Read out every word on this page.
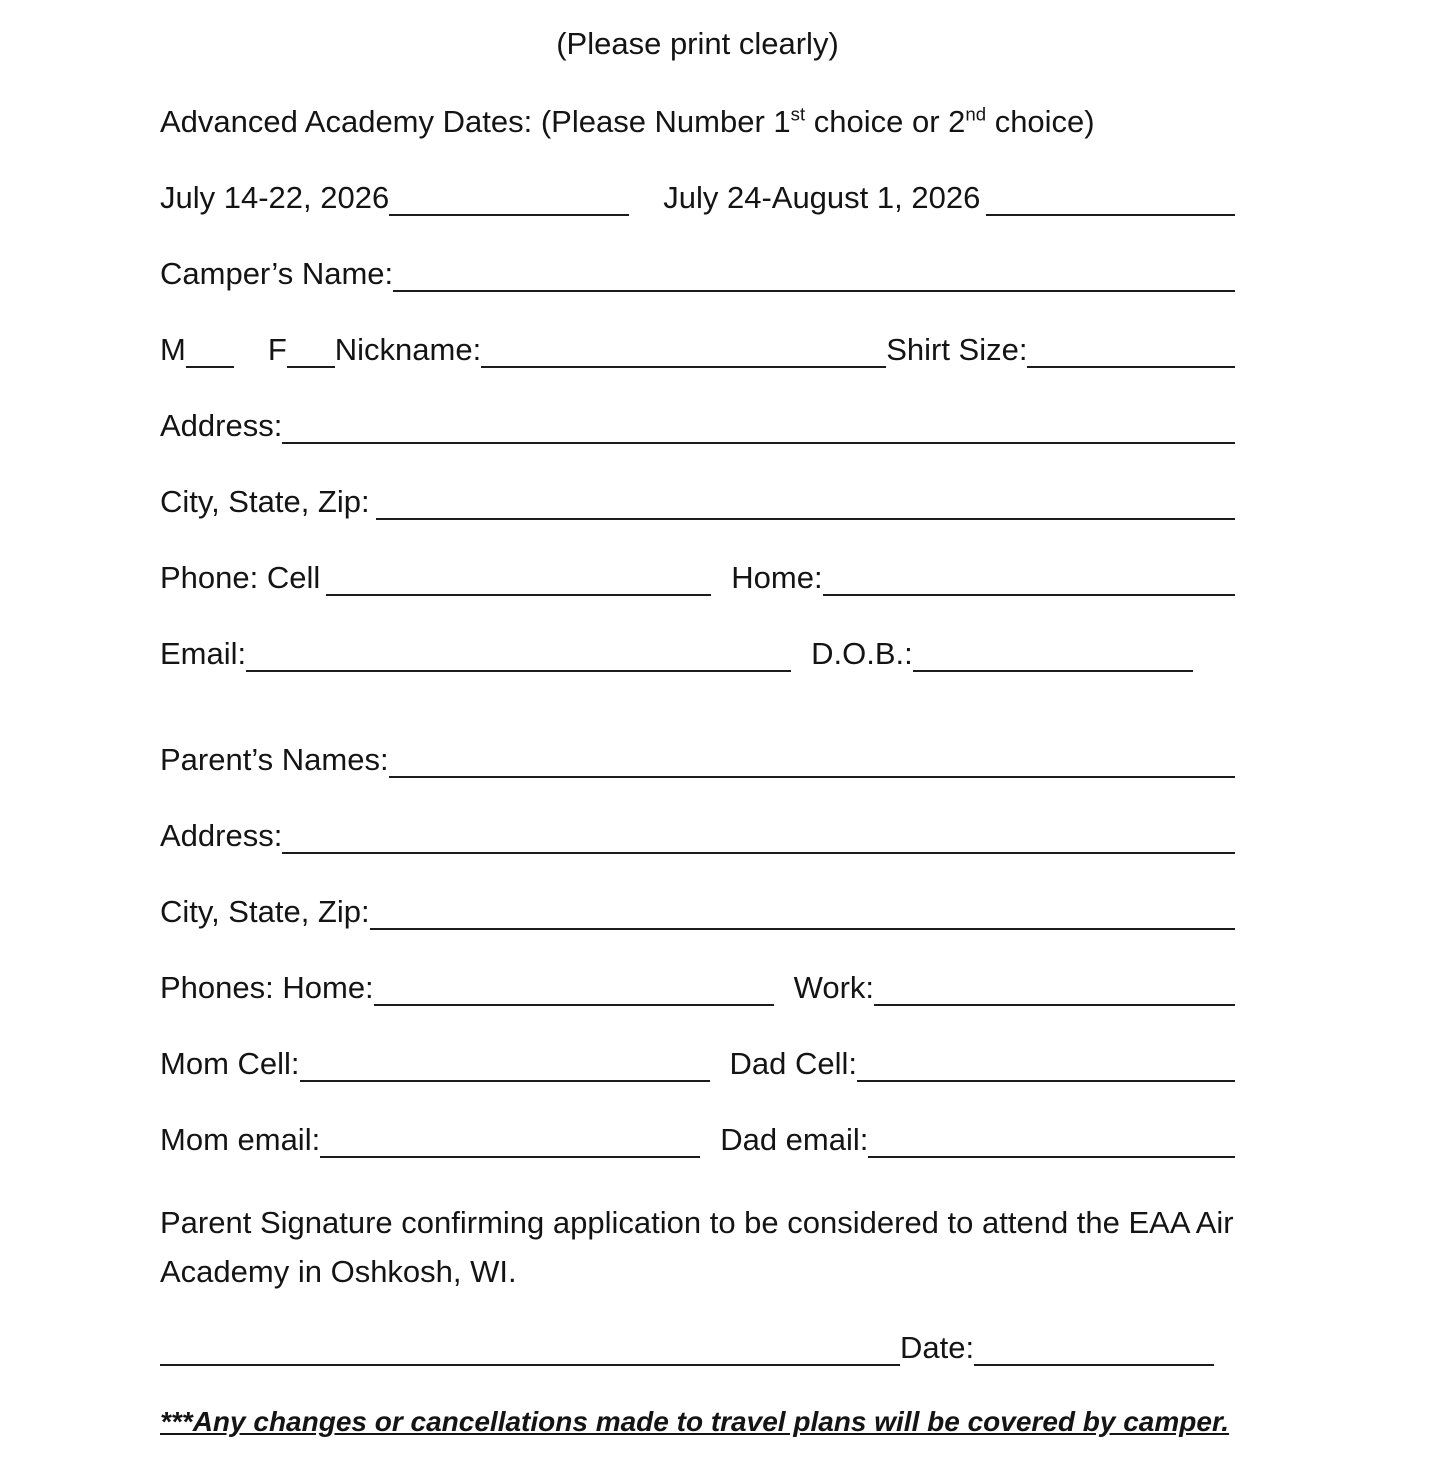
(Please print clearly)
Advanced Academy Dates: (Please Number 1st choice or 2nd choice)
July 14-22, 2026	July 24-August 1, 2026
Camper’s Name:
M	F Nickname:	Shirt Size:
Address:
City, State, Zip:
Phone: Cell	Home:
Email:	D.O.B.:
Parent’s Names:
Address:
City, State, Zip:
Phones: Home:	Work:
Mom Cell:	Dad Cell:
Mom email:	Dad email:
Parent Signature confirming application to be considered to attend the EAA Air Academy in Oshkosh, WI.
Date:
***Any changes or cancellations made to travel plans will be covered by camper.
